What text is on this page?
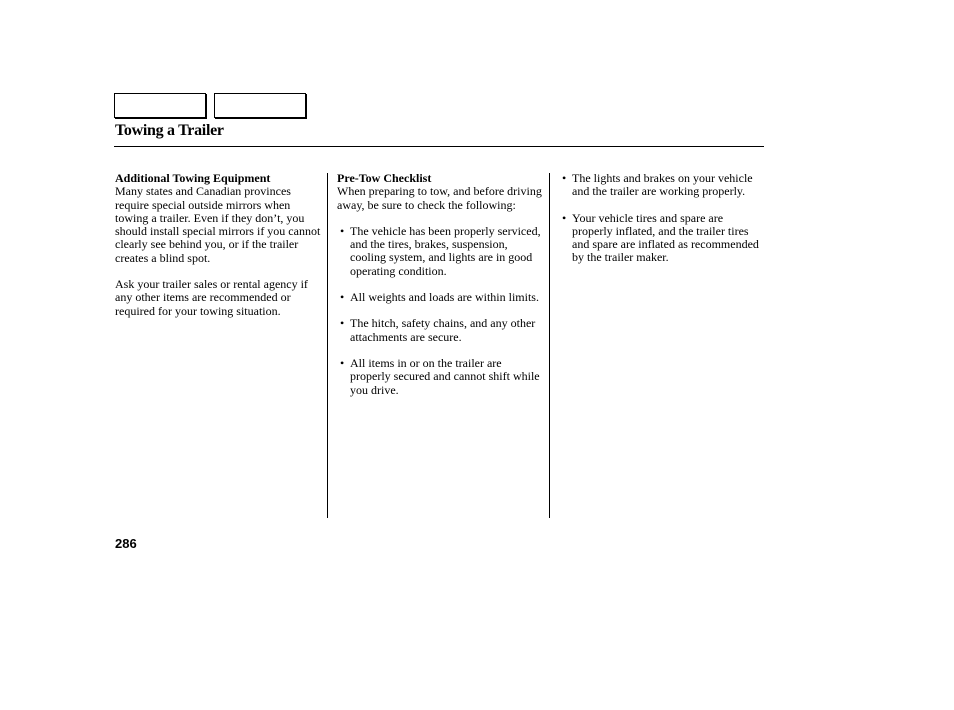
Towing a Trailer
Additional Towing Equipment

Many states and Canadian provinces require special outside mirrors when towing a trailer. Even if they don’t, you should install special mirrors if you cannot clearly see behind you, or if the trailer creates a blind spot.

Ask your trailer sales or rental agency if any other items are recommended or required for your towing situation.

Pre-Tow Checklist

When preparing to tow, and before driving away, be sure to check the following:

• The vehicle has been properly serviced, and the tires, brakes, suspension, cooling system, and lights are in good operating condition.
• All weights and loads are within limits.
• The hitch, safety chains, and any other attachments are secure.
• All items in or on the trailer are properly secured and cannot shift while you drive.
• The lights and brakes on your vehicle and the trailer are working properly.
• Your vehicle tires and spare are properly inflated, and the trailer tires and spare are inflated as recommended by the trailer maker.
286
